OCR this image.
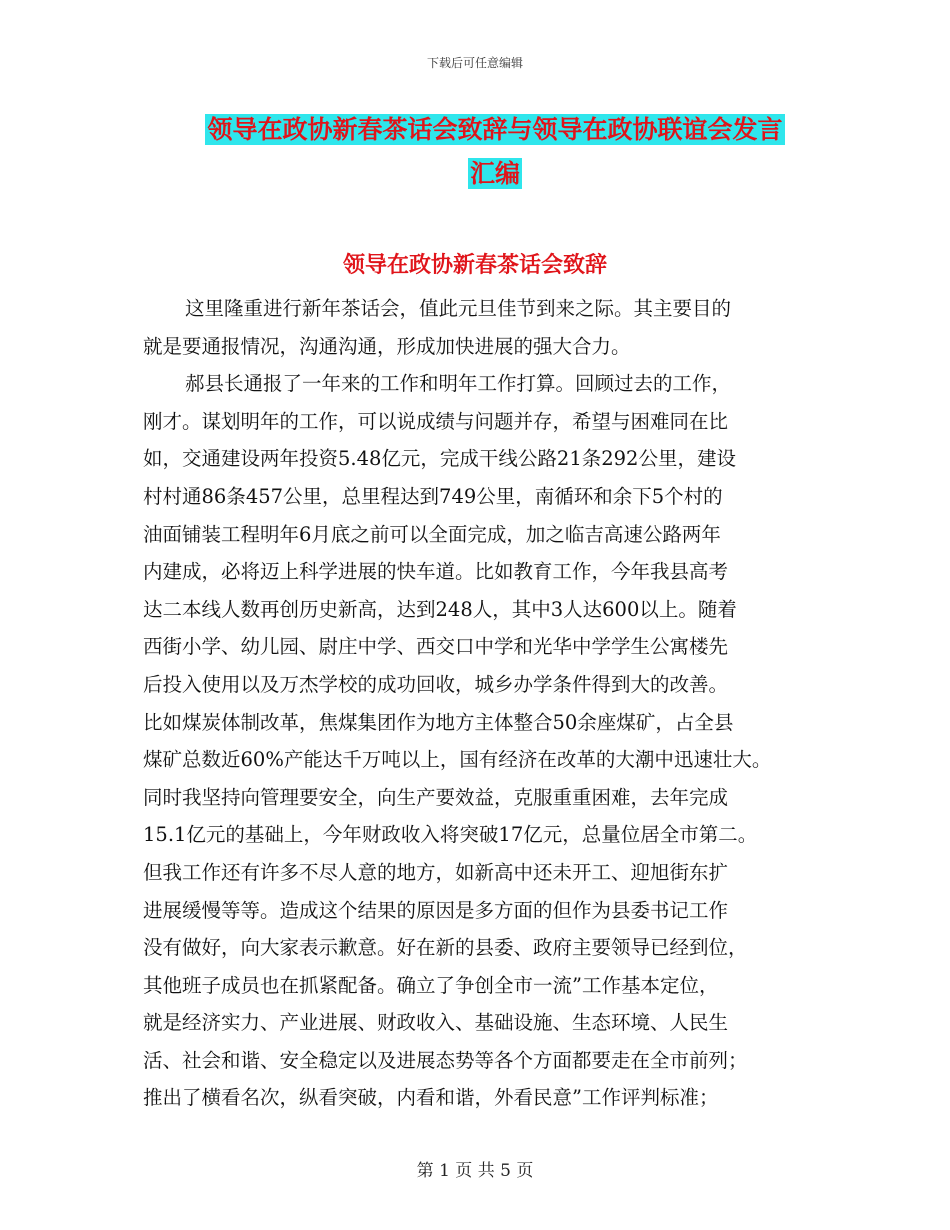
下载后可任意编辑
领导在政协新春茶话会致辞与领导在政协联谊会发言
汇编
领导在政协新春茶话会致辞
这里隆重进行新年茶话会，值此元旦佳节到来之际。其主要目的
就是要通报情况，沟通沟通，形成加快进展的强大合力。
郝县长通报了一年来的工作和明年工作打算。回顾过去的工作，
刚才。谋划明年的工作，可以说成绩与问题并存，希望与困难同在比
如，交通建设两年投资5.48亿元，完成干线公路21条292公里，建设
村村通86条457公里，总里程达到749公里，南循环和余下5个村的
油面铺装工程明年6月底之前可以全面完成，加之临吉高速公路两年
内建成，必将迈上科学进展的快车道。比如教育工作，今年我县高考
达二本线人数再创历史新高，达到248人，其中3人达600以上。随着
西街小学、幼儿园、尉庄中学、西交口中学和光华中学学生公寓楼先
后投入使用以及万杰学校的成功回收，城乡办学条件得到大的改善。
比如煤炭体制改革，焦煤集团作为地方主体整合50余座煤矿，占全县
煤矿总数近60%产能达千万吨以上，国有经济在改革的大潮中迅速壮大。
同时我坚持向管理要安全，向生产要效益，克服重重困难，去年完成
15.1亿元的基础上，今年财政收入将突破17亿元，总量位居全市第二。
但我工作还有许多不尽人意的地方，如新高中还未开工、迎旭街东扩
进展缓慢等等。造成这个结果的原因是多方面的但作为县委书记工作
没有做好，向大家表示歉意。好在新的县委、政府主要领导已经到位，
其他班子成员也在抓紧配备。确立了争创全市一流”工作基本定位，
就是经济实力、产业进展、财政收入、基础设施、生态环境、人民生
活、社会和谐、安全稳定以及进展态势等各个方面都要走在全市前列；
推出了横看名次，纵看突破，内看和谐，外看民意”工作评判标准；
第 1 页 共 5 页
